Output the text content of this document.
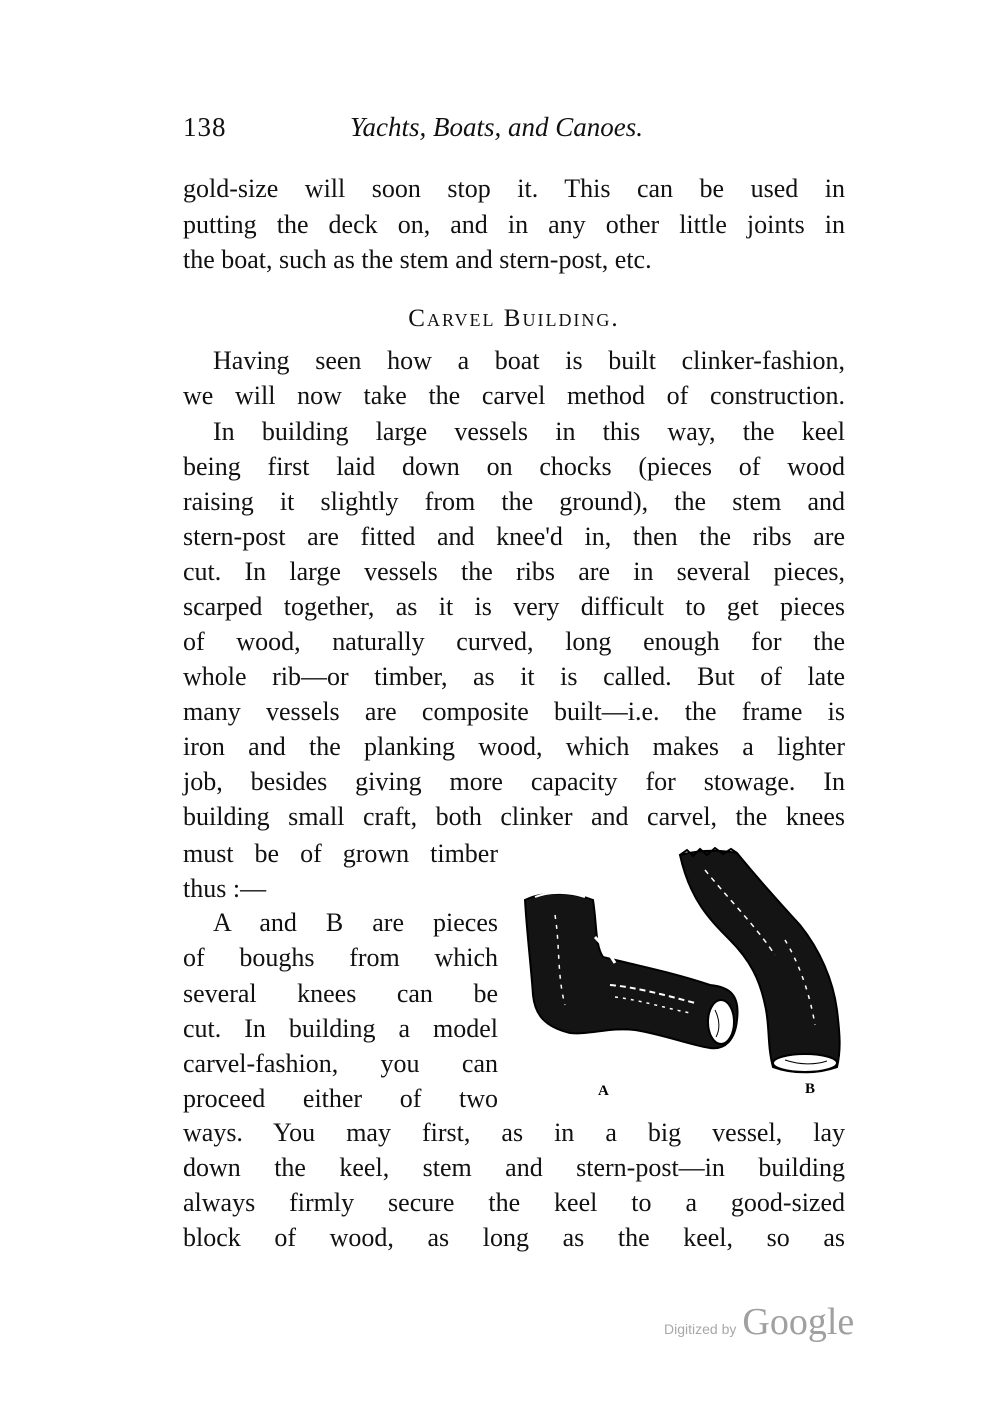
138	Yachts, Boats, and Canoes.
gold-size will soon stop it. This can be used in
putting the deck on, and in any other little joints in
the boat, such as the stem and stern-post, etc.
Carvel Building.
Having seen how a boat is built clinker-fashion,
we will now take the carvel method of construction.
In building large vessels in this way, the keel
being first laid down on chocks (pieces of wood
raising it slightly from the ground), the stem and
stern-post are fitted and knee'd in, then the ribs are
cut. In large vessels the ribs are in several pieces,
scarped together, as it is very difficult to get pieces
of wood, naturally curved, long enough for the
whole rib—or timber, as it is called. But of late
many vessels are composite built—i.e. the frame is
iron and the planking wood, which makes a lighter
job, besides giving more capacity for stowage. In
building small craft, both clinker and carvel, the knees
must be of grown timber
thus :—
A and B are pieces
of boughs from which
several knees can be
cut. In building a model
carvel-fashion, you can
proceed either of two
ways. You may first, as in a big vessel, lay
down the keel, stem and stern-post—in building
always firmly secure the keel to a good-sized
block of wood, as long as the keel, so as
A	B
Digitized by Google
